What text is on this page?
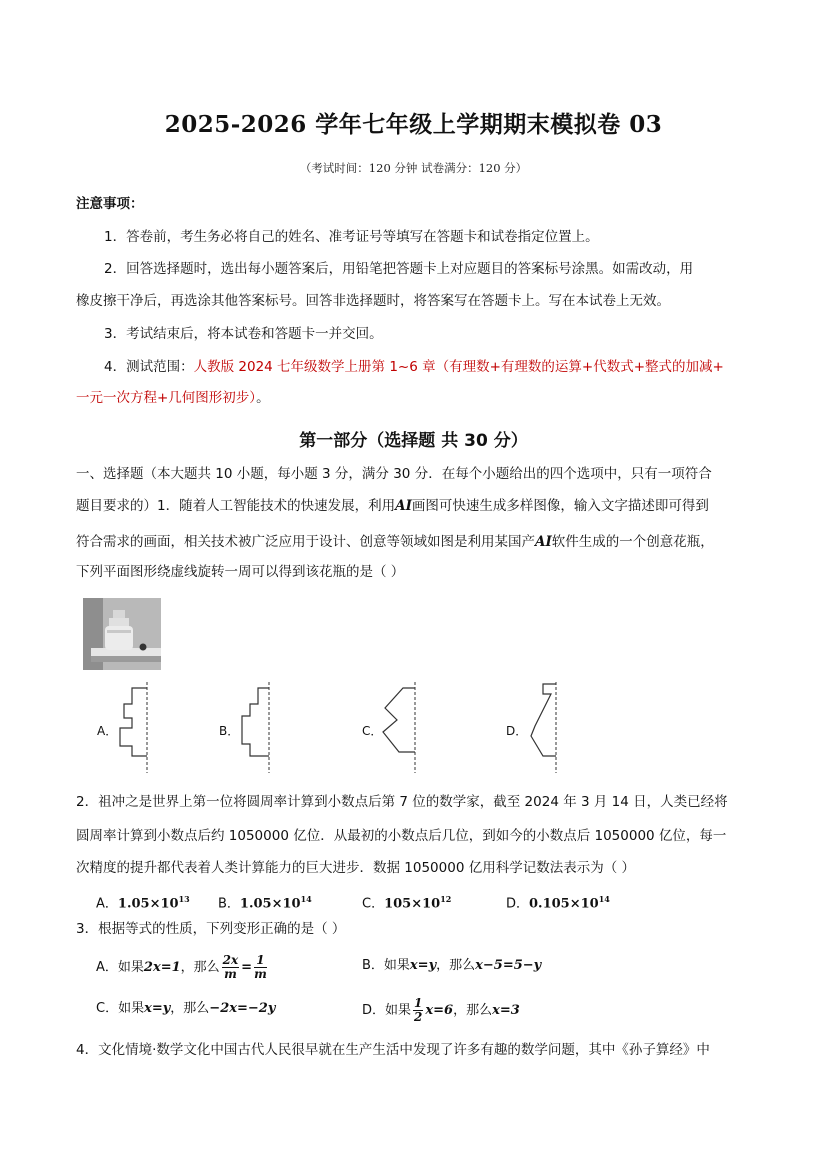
2025-2026 学年七年级上学期期末模拟卷 03
（考试时间：120 分钟 试卷满分：120 分）
注意事项：
1．答卷前，考生务必将自己的姓名、准考证号等填写在答题卡和试卷指定位置上。
2．回答选择题时，选出每小题答案后，用铅笔把答题卡上对应题目的答案标号涂黑。如需改动，用
橡皮擦干净后，再选涂其他答案标号。回答非选择题时，将答案写在答题卡上。写在本试卷上无效。
3．考试结束后，将本试卷和答题卡一并交回。
4．测试范围：人教版 2024 七年级数学上册第 1~6 章（有理数+有理数的运算+代数式+整式的加减+
一元一次方程+几何图形初步）。
第一部分（选择题 共 30 分）
一、选择题（本大题共 10 小题，每小题 3 分，满分 30 分．在每个小题给出的四个选项中，只有一项符合
题目要求的）1．随着人工智能技术的快速发展，利用AI画图可快速生成多样图像，输入文字描述即可得到
符合需求的画面，相关技术被广泛应用于设计、创意等领域如图是利用某国产AI软件生成的一个创意花瓶，
下列平面图形绕虚线旋转一周可以得到该花瓶的是（ ）
A．	B．	C．	D．
2．祖冲之是世界上第一位将圆周率计算到小数点后第 7 位的数学家，截至 2024 年 3 月 14 日，人类已经将
圆周率计算到小数点后约 1050000 亿位．从最初的小数点后几位，到如今的小数点后 1050000 亿位，每一
次精度的提升都代表着人类计算能力的巨大进步．数据 1050000 亿用科学记数法表示为（ ）
A．$1.05\times 10^{13}$ B．$1.05\times 10^{14}$	C．$105\times 10^{12}$	D．$0.105\times 10^{14}$
3．根据等式的性质，下列变形正确的是（ ）
A．如果2x=1，那么 $\frac{2x}{m} = \frac{1}{m}$	B．如果x=y，那么x−5=5−y
C．如果x=y，那么−2x=−2y	D．如果 $\frac{1}{2} x=6$，那么x=3
4．文化情境·数学文化中国古代人民很早就在生产生活中发现了许多有趣的数学问题，其中《孙子算经》中
